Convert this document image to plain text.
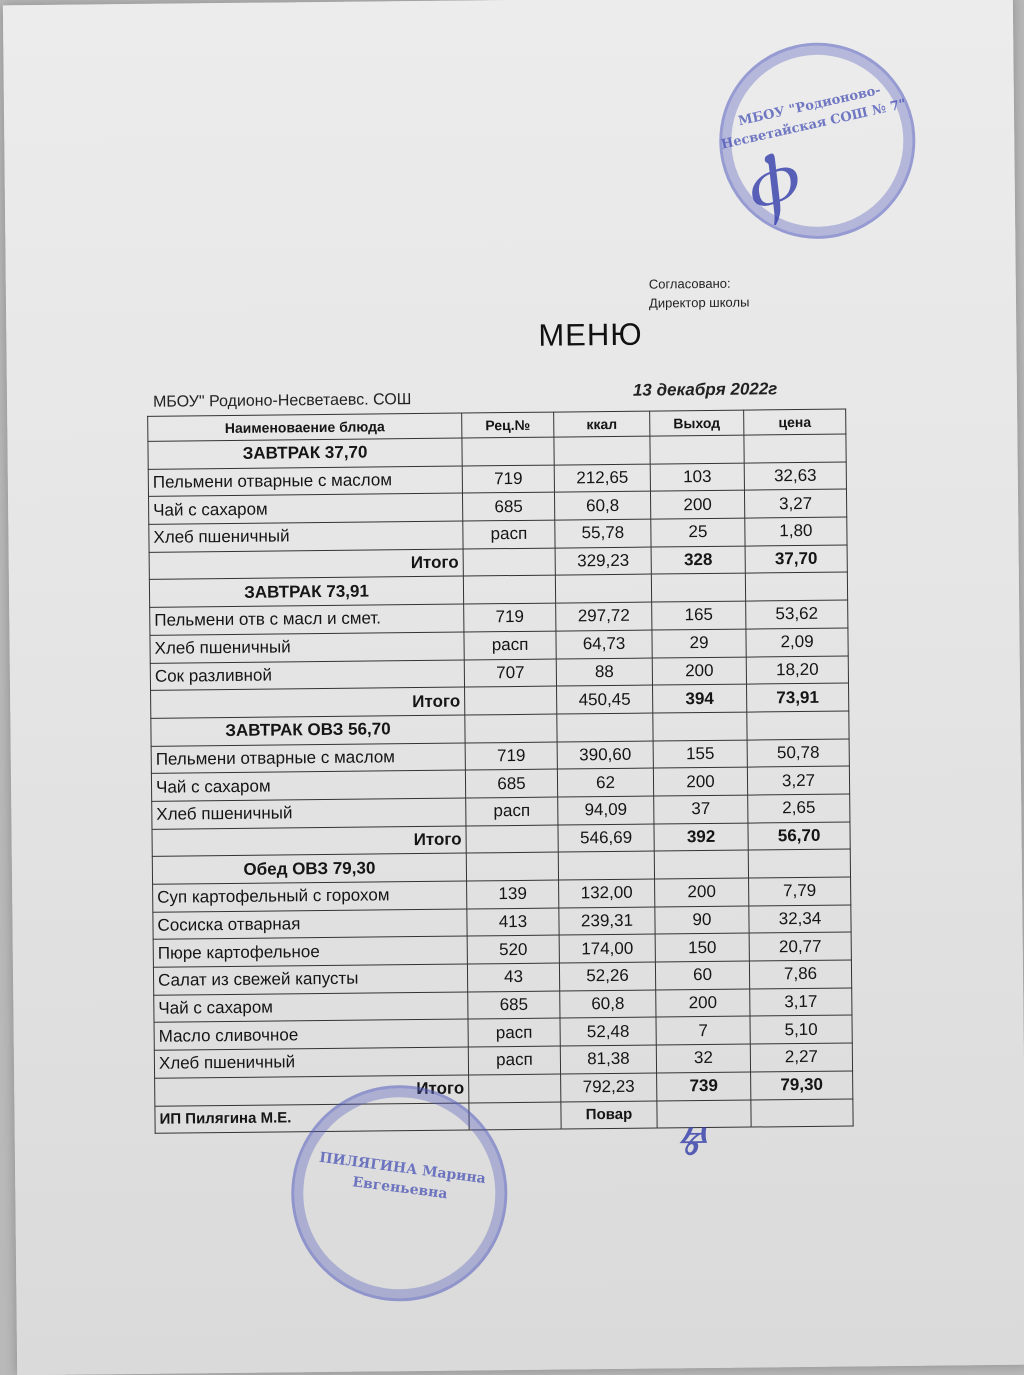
МБОУ "Родионово-Несветайская СОШ № 7"
Ⲫ
Согласовано:
Директор школы
МЕНЮ
МБОУ" Родионо-Несветаевс. СОШ
13 декабря 2022г
Наименоваение блюда	Рец.№	ккал	Выход	цена
ЗАВТРАК 37,70				
Пельмени отварные с маслом	719	212,65	103	32,63
Чай с сахаром	685	60,8	200	3,27
Хлеб пшеничный	расп	55,78	25	1,80
Итого		329,23	328	37,70
ЗАВТРАК 73,91				
Пельмени отв с масл и смет.	719	297,72	165	53,62
Хлеб пшеничный	расп	64,73	29	2,09
Сок разливной	707	88	200	18,20
Итого		450,45	394	73,91
ЗАВТРАК ОВЗ 56,70				
Пельмени отварные с маслом	719	390,60	155	50,78
Чай с сахаром	685	62	200	3,27
Хлеб пшеничный	расп	94,09	37	2,65
Итого		546,69	392	56,70
Обед ОВЗ 79,30				
Суп картофельный с горохом	139	132,00	200	7,79
Сосиска отварная	413	239,31	90	32,34
Пюре картофельное	520	174,00	150	20,77
Салат из свежей капусты	43	52,26	60	7,86
Чай с сахаром	685	60,8	200	3,17
Масло сливочное	расп	52,48	7	5,10
Хлеб пшеничный	расп	81,38	32	2,27
Итого		792,23	739	79,30
ИП Пилягина М.Е.		Повар		
ПИЛЯГИНА Марина Евгеньевна
Ⱍ
